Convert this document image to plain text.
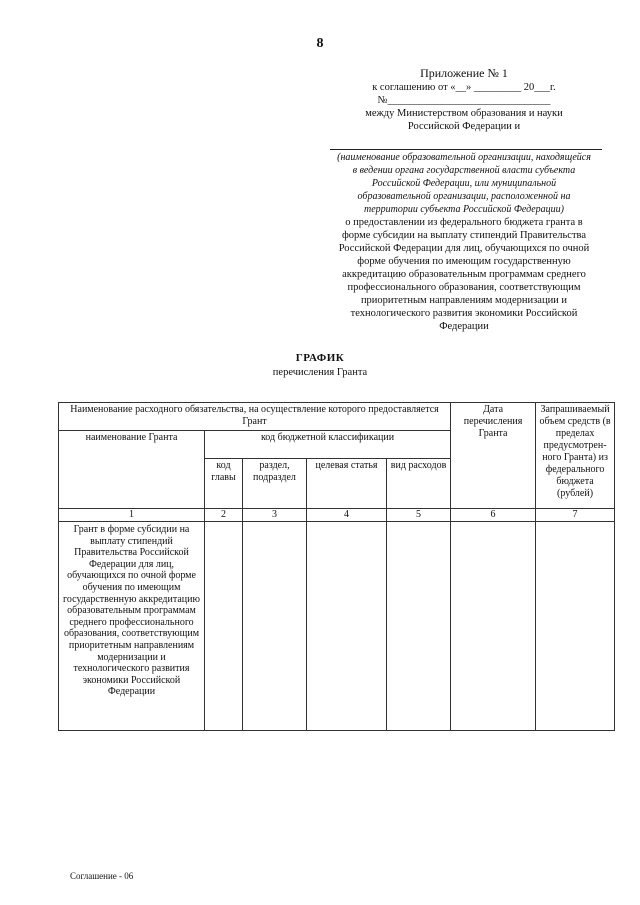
8
Приложение № 1
к соглашению от «__» _________ 20___г.
№_______________________________
между Министерством образования и науки
Российской Федерации и
(наименование образовательной организации, находящейся
в ведении органа государственной власти субъекта
Российской Федерации, или муниципальной
образовательной организации, расположенной на
территории субъекта Российской Федерации)
о предоставлении из федерального бюджета гранта в форме субсидии на выплату стипендий Правительства Российской Федерации для лиц, обучающихся по очной форме обучения по имеющим государственную аккредитацию образовательным программам среднего профессионального образования, соответствующим приоритетным направлениям модернизации и технологического развития экономики Российской Федерации
ГРАФИК
перечисления Гранта
Наименование расходного обязательства, на осуществление которого предоставляется Грант					Дата перечисления Гранта	Запрашиваемый объем средств (в пределах предусмотрен-ного Гранта) из федерального бюджета (рублей)
наименование Гранта	код бюджетной классификации					
	код главы	раздел, подраздел	целевая статья	вид расходов		
1	2	3	4	5	6	7
Грант в форме субсидии на выплату стипендий Правительства Российской Федерации для лиц, обучающихся по очной форме обучения по имеющим государственную аккредитацию образовательным программам среднего профессионального образования, соответствующим приоритетным направлениям модернизации и технологического развития экономики Российской Федерации						
Соглашение - 06
